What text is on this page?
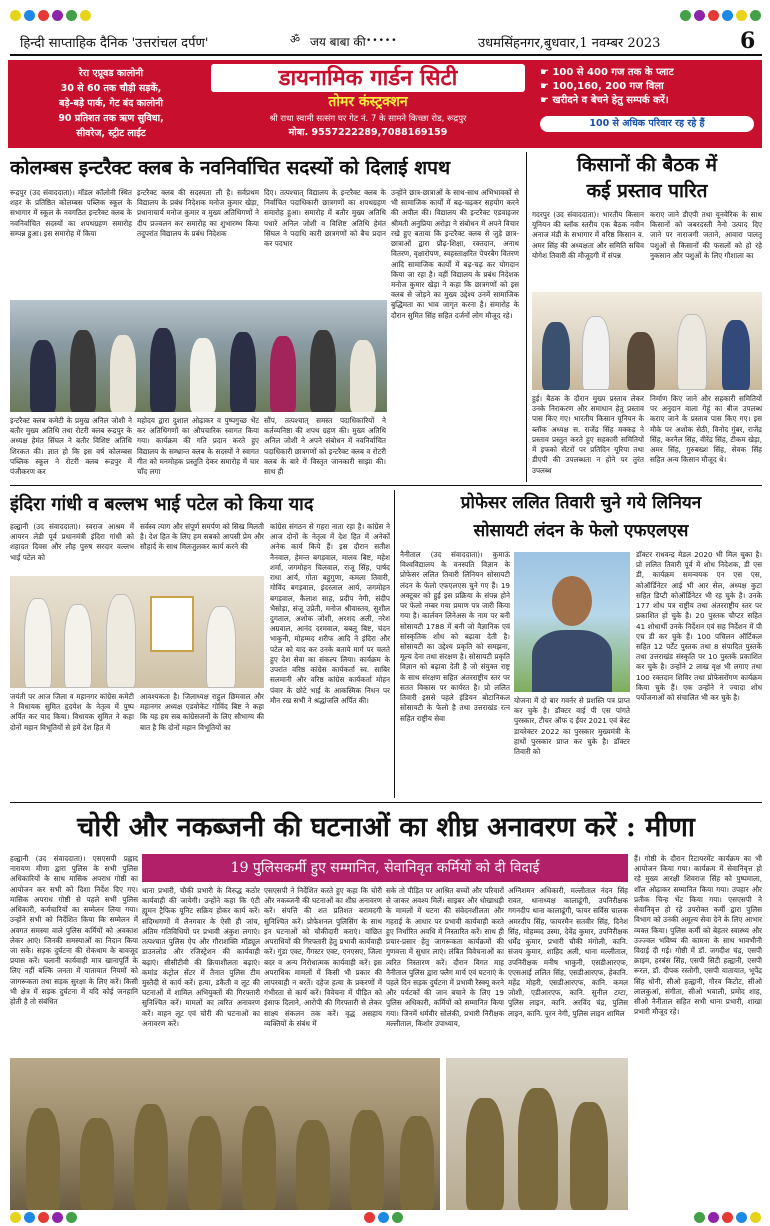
हिन्दी साप्ताहिक दैनिक 'उत्तरांचल दर्पण'	ॐ जय बाबा की •••••	उधमसिंहनगर,बुधवार,1 नवम्बर 2023	6
रेरा एप्रूवड कालोनी
30 से 60 तक चौड़ी सड़कें,
बड़े-बड़े पार्क, गेट बंद कालोनी
90 प्रतिशत तक ऋण सुविधा,
सीवरेज, स्ट्रीट लाईट
डायनामिक गार्डन सिटी
तोमर कंस्ट्रक्शन
श्री राधा स्वामी सत्संग घर गेट नं. 7 के सामने किच्छा रोड, रूद्रपुर
मोबा. 9557222289,7088169159
☛ 100 से 400 गज तक के प्लाट
☛ 100,160, 200 गज विला
☛ खरीदने व बेचने हेतु सम्पर्क करें।
100 से अधिक परिवार रह रहे हैं
कोलम्बस इन्टरैक्ट क्लब के नवनिर्वाचित सदस्यों को दिलाई शपथ
रूद्रपुर (उद संवाददाता)। मॉडल कॉलोनी स्थित शहर के प्रतिष्ठित कोलम्बस पब्लिक स्कूल के सभागार में स्कूल के नवगठित इन्टरैक्ट क्लब के नवनिर्वाचित सदस्यों का शपथग्रहण समारोह सम्पन्न हुआ। इस समारोह में किया
इन्टरैक्ट क्लब की सदस्यता ली है। सर्वप्रथम विद्यालय के प्रबंध निदेशक मनोज कुमार खेड़ा, प्रधानाचार्य मनोज कुमार व मुख्य अतिथिगणों ने दीप प्रज्वलन कर समारोह का शुभारम्भ किया तदुपरांत विद्यालय के प्रबंध निदेशक
दिए। तत्पश्चात् विद्यालय के इन्टरैक्ट क्लब के निर्वाचित पदाधिकारी छात्रगणों का शपथग्रहण समारोह हुआ। समारोह में बतौर मुख्य अतिथि पधारे अनिल जोशी व विशिष्ट अतिथि हेमंत सिंघल ने पदाधि कारी छात्रगणों को बैच प्रदान कर पदभार
उन्होंने छात्र-छात्राओं के साथ-साथ अभिभावकों से भी सामाजिक कार्यों में बढ़-चढ़कर सहयोग करने की अपील की। विद्यालय की इन्टरैक्ट एडवाइजर श्रीमती अनुप्रिया अरोड़ा ने संबोधन में अपने विचार रखे हुए बताया कि इन्टरैक्ट क्लब से जुड़े छात्र-छात्राओं द्वारा प्रौढ़-शिक्षा, रक्तदान, अनाथ वितरण, वृक्षारोपण, स्वहस्ताक्षरित पेपरबैग वितरण आदि सामाजिक कार्यों में बढ़-चढ़ कर योगदान किया जा रहा है। वहीं विद्यालय के प्रबंध निदेशक मनोज कुमार खेड़ा ने कहा कि छात्रगणों को इस क्लब से जोड़ने का मुख्य उद्देश्य उनमें सामाजिक बुद्धिमता का भाव जागृत करना है। समारोह के दौरान सुमित सिंह सहित दर्जनों लोग मौजूद रहे।
इन्टरैक्ट क्लब कमेटी के प्रमुख अनिल जोशी ने बतौर मुख्य अतिथि तथा रोटरी क्लब रूद्रपुर के अध्यक्ष हेमंत सिंघल ने बतौर विशिष्ट अतिथि शिरकत की। ज्ञात हो कि इस वर्ष कोलम्बस पब्लिक स्कूल ने रोटरी क्लब रूद्रपुर में पंजीकरण कर
महोदय द्वारा दुशाल ओढ़ाकर व पुष्पगुच्छ भेंट कर अतिथिगणों का औपचारिक स्वागत किया गया। कार्यक्रम की गति प्रदान करते हुए विद्यालय के सम्भ्रान्त क्लब के सदस्यों ने स्वागत गीत को मनमोहक प्रस्तुति देकर समारोह में चार चाँद लगा
सौंप, तत्पश्चात् समस्त पदाधिकारियों ने कर्तव्यनिष्ठा की शपथ ग्रहण की। मुख्य अतिथि अनिल जोशी ने अपने संबोधन में नवनिर्वाचित पदाधिकारी छात्रगणों को इन्टरैक्ट क्लब व रोटरी क्लब के बारे में विस्तृत जानकारी साझा की। साथ ही
किसानों की बैठक में
कई प्रस्ताव पारित
गदरपुर (उद संवाददाता)। भारतीय किसान यूनियन की ब्लॉक स्तरीय एक बैठक नवीन अनाज मंडी के सभागार में वरिष्ठ किसान व. अमर सिंह की अध्यक्षता और समिति सचिव योगेश तिवारी की मौजूदगी में संपन्न
कराए जाने डीएपी तथा यूनवेरिक के साथ किसानों को जबरदस्ती नैनो उत्पाद दिए जाने पर नाराजगी जताने, आवारा पालतू पशुओं से किसानों की फसलों को हो रहे नुकसान और पशुओं के लिए गौशाला का
हुई। बैठक के दौरान मुख्य प्रस्ताव लेकर उनके निराकरण और समाधान हेतु प्रस्ताव पास किए गए। भारतीय किसान यूनियन के ब्लॉक अध्यक्ष स. राजेंद्र सिंह मक्कड़ ने प्रस्ताव प्रस्तुत करते हुए सहकारी समितियों में इफको सेंटरों पर प्रतिदिन यूरिया तथा डीएपी की उपलब्धता न होने पर तुरंत उपलब्ध
निर्माण किए जाने और सहकारी समितियों पर अनुदान वाला गेहूं का बीज उपलब्ध कराए जाने के प्रस्ताव पास किए गए। इस मौके पर अशोक सेठी, विनोद गुंबर, राजेंद्र सिंह, करनैल सिंह, वीरेंद्र सिंह, टीकम खेड़ा, अमर सिंह, गुरुबख्श सिंह, सेवक सिंह सहित अन्य किसान मौजूद थे।
इंदिरा गांधी व बल्लभ भाई पटेल को किया याद
हल्द्वानी (उद संवाददाता)। स्वराज आश्रम में आयरन लेडी पूर्व प्रधानमंत्री इंदिरा गांधी को शहादत दिवस और लौह पुरुष सरदार वल्लभ भाई पटेल को
सर्वस्व त्याग और संपूर्ण समर्पण को सिख मिलती है। देश हित के लिए हम सबको आपसी प्रेम और सौहार्द के साथ मिलजुलकर कार्य करने की
कांग्रेस संगठन से गहरा नाता रहा है। कांग्रेस ने आज दोनों के नेतृत्व में देश हित में अनेकों अनेक कार्य किये हैं। इस दौरान सतीश नैनवाल, हेमन्त बगड़वाल, मालव बिष्ट, महेश शर्मा, जगमोहन चिलवाल, राजू सिंह, पार्षद राधा आर्य, गोता बहुगुणा, कमला तिवारी, गोविंद बगड़वाल, इंदरलाल आर्य, जगमोहन बगड़वाल, कैलाश साह, प्रदीप नेगी, संदीप भैसोड़ा, संजू उप्रेती, मनोज श्रीवास्तव, सुशील दुगताल, अशोक जोशी, अरशद अली, नरेश अग्रवाल, आनंद दरमवाल, बबलू बिष्ट, चंदन भाकुनी, मोहम्मद शरीफ आदि ने इंदिरा और पटेल को याद कर उनके बताये मार्ग पर चलते हुए देश सेवा का संकल्प लिया। कार्यक्रम के उपरांत वरिष्ठ कांग्रेस कार्यकर्ता स्व. साबिर सलमानी और वरिष्ठ कांग्रेस कार्यकर्ता मोहन पंवार के छोटे भाई के आकस्मिक निधन पर मौन रख सभी ने श्रद्धांजलि अर्पित की।
जयंती पर आज जिला व महानगर कांग्रेस कमेटी ने विधायक सुमित हृदयेश के नेतृत्व में पुष्प अर्पित कर याद किया। विधायक सुमित ने कहा दोनों महान विभूतियों से हमें देश हित में
आवश्यकता है। जिलाध्यक्ष राहुल छिमवाल और महानगर अध्यक्ष एडवोकेट गोविंद बिष्ट ने कहा कि यह हम सब कांग्रेसजनों के लिए सौभाग्य की बात है कि दोनों महान विभूतियों का
प्रोफेसर ललित तिवारी चुने गये लिनियन
सोसायटी लंदन के फेलो एफएलएस
नैनीताल (उद संवाददाता)। कुमाऊं विश्वविद्यालय के वनस्पति विज्ञान के प्रोफेसर ललित तिवारी लिनियन सोसायटी लंदन के फेलो एफएलएस चुने गए हैं। 19 अक्टूबर को हुई इस प्रक्रिया के संपन्न होने पर फेलो नम्बर गया प्रमाण पत्र जारी किया गया है। कार्लवन लिनेअस के नाम पर बनी सोसायटी 1788 में बनी जो वैज्ञानिक एवं सांस्कृतिक शोध को बढ़ावा देती है। सोसायटी का उद्देश्य प्रकृति को समझना, मूल्य देना तथा संरक्षण है। सोसायटी प्रकृति विज्ञान को बढ़ावा देती है जो संयुक्त राष्ट्र के साथ संरक्षण सहित अंतरराष्ट्रीय स्तर पर सतत विकास पर कार्यरत है। प्रो ललित तिवारी इससे पहले इंडियन बोटानिकल सोसायटी के फेलो है तथा उत्तराखंड रत्न सहित राष्ट्रीय सेवा
योजना में दो बार गवर्नर से प्रशस्ति पत्र प्राप्त कर चुके है। डॉक्टर वाई पी एस पांगते पुरस्कार, टीचर ऑफ द ईयर 2021 एवं बेस्ट डायरेक्टर 2022 का पुरस्कार मुख्यमंत्री के हाथों पुरस्कार प्राप्त कर चुके है। डॉक्टर तिवारी को
डॉक्टर राधवन्द्र मेडल 2020 भी मिल चुका है। प्रो ललित तिवारी पूर्व में शोध निदेशक, डी एस डी, कार्यक्रम समन्वयक एन एस एस, कोऑर्डिनेटर आई भी आर सेल, अध्यक्ष कुटा सहित डिप्टी कोऑर्डिनेटर भी रह चुके है। उनके 177 शोध पत्र राष्ट्रीय तथा अंतरराष्ट्रीय स्तर पर प्रकाशित हो चुके है। 20 पुस्तक चौप्टर सहित 41 शोधार्थी उनके निर्देशन एवं सह निर्देशन में पी एच डी कर चुके हैं। 100 पचिलन ऑर्टिकल सहित 12 पर्टेंट पुस्तक तथा 8 संपादित पुस्तकें तथा उत्तराखंड संस्कृति पर 10 पुस्तकें प्रकाशित कर चुके है। उन्होंने 2 लाख वृक्ष भी लगाए तथा 100 रक्तदान शिविर तथा प्रोफेसरोंगण कार्यक्रम किया चुके हैं। एक उन्होंने ने ज्यादा शोध पर्योजनाओं को संचालित भी कर चुके है।
चोरी और नकब्जनी की घटनाओं का शीघ्र अनावरण करें : मीणा
हल्द्वानी (उद संवाददाता)। एसएसपी प्रह्लाद नारायण मीणा द्वारा पुलिस के सभी पुलिस अधिकारियों के साथ मासिक अपराध गोष्ठी का आयोजन कर सभी को दिशा निर्देश दिए गए। मासिक अपराध गोष्ठी से पहले सभी पुलिस अधिकारी, कर्मचारियों का सम्मेलन लिया गया। उन्होंने सभी को निर्देशित किया कि सम्मेलन में अवगत समस्या वाले पुलिस कर्मियों को अवकाश लेकर आएं। जिनकी समस्याओं का निदान किया जा सके। सड़क दुर्घटना की रोकथाम के बावजूद प्रयास करें। चलानी कार्यवाही मात्र खानापूर्ति के लिए नहीं बल्कि जनता में यातायात नियमों को जागरूकता तथा सड़क सुरक्षा के लिए करें। किसी भी क्षेत्र में सड़क दुर्घटना में यदि कोई जनहानि होती है तो संबंधित
19 पुलिसकर्मी हुए सम्मानित, सेवानिवृत कर्मियों को दी विदाई
थाना प्रभारी, चौकी प्रभारी के विरुद्ध कठोर कार्यवाही की जायेगी। उन्होंने कहा कि एंटी ह्यूमन ट्रैफिक यूनिट सक्रिय होकर कार्य करें। संदिग्धगणों में लैनगवार के ऐसी ही जांच, अंतिम गतिविधियों पर प्रभावी अंकुश लगाएं। तत्पश्चात पुलिस ऐप और गौराशक्ति मॉड्यूल डाउनलोड और रजिस्ट्रेशन की कार्यवाही बढ़ाएं। सीसीटीवी की क्रियाशीलता बढ़ाएं। कमांड कंट्रोल सेंटर में तैनात पुलिस टीम मुस्तैदी से कार्य करें। हत्या, डकैती व लूट की घटनाओं में शामिल अभियुक्तों की गिरफ्तारी सुनिश्चित करें। मामलों का त्वरित अनावरण करें। वाहन लूट एवं चोरी की घटनाओं का अनावरण करें।
एसएसपी ने निर्देशित करते हुए कहा कि चोरी और नकब्जनी की घटनाओं का शीघ्र अनावरण करें। संपत्ति की शत प्रतिशत बरामदगी सुनिश्चित करें। प्रोफेशनल पुलिसिंग के साथ इन घटनाओं को चौकीदारी कराएं। वांछित अपराधियों की गिरफ्तारी हेतु प्रभावी कार्यवाही करें। गुंडा एक्ट, गैंगस्टर एक्ट, एनएसए, जिला बदर व अन्य निरोधात्मक कार्यवाही करें। इस अपराधिक मामलों में किसी भी प्रकार की लापरवाही न बरतें। दहेज हत्या के प्रकरणों में गंभीरता से कार्य करें। विवेचना में पीड़ित को इंसाफ दिलाने, आरोपी की गिरफ्तारी से लेकर साक्ष्य संकलन तक करें। वृद्ध असहाय व्यक्तियों के संबंध में
सके तो पीड़ित पर आश्रित बच्चों और परिवारों से जाकर अवश्य मिलें। साइबर और धोखाधड़ी के मामलों में घटना की संवेदनशीलता और गहराई के आधार पर प्रभावी कार्यवाही करते हुए निर्धारित अवधि में निस्तारित करें। साथ ही प्रचार-प्रसार हेतु जागरूकता कार्यक्रमों की गुणवत्ता में सुधार लाएं। लंबित विवेचनाओं का त्वरित निस्तारण करें। दौरान विगत माह नैनीताल पुलिस द्वारा फ्लैग मार्च एवं घटनाएं के पहले दिन सड़क दुर्घटना में प्रभावी रैस्क्यू करने और पर्यटकों की जान बचाने के लिए 19 पुलिस अधिकारी, कर्मियों को सम्मानित किया गया। जिनमें धर्मवीर सोलंकी, प्रभारी निरीक्षक मल्लीताल, किशोर उपाध्याय,
अग्निशमन अधिकारी, मल्लीताल नंदन सिंह रावत, थानाध्यक्ष कालाढूंगी, उपनिरीक्षक गगनदीप थाना कालाढूंगी, फायर सर्विस चालक अमरदीप सिंह, फायरमैन सतवीर सिंह, दिनेश सिंह, मोहम्मद उस्मा, देवेंद्र कुमार, उपनिरीक्षक धर्मेंद्र कुमार, प्रभारी चौकी मंगोली, कानि. संजय कुमार, शाहिद अली, थाना मल्लीताल, उपनिरीक्षक मनीष भाकुनी, एसडीआरएफ, एएसआई ललित सिंह, एसडीआरएफ, हेकानि. महेंद्र मोहरी, एसडीआरएफ, कानि. कमल जोशी, एडीआरएफ, कानि. सुनील टम्टा, पुलिस लाइन, कानि. अरविंद चंद्र, पुलिस लाइन, कानि. पूरन नेगी, पुलिस लाइन शामिल
हैं। गोष्ठी के दौरान रिटायरमेंट कार्यक्रम का भी आयोजन किया गया। कार्यक्रम में सेवानिवृत्त हो रहे मुख्य आरक्षी शिवराज सिंह को पुष्पमाला, शॉल ओढ़ाकर सम्मानित किया गया। उपहार और प्रतीक चिन्ह भेंट किया गया। एसएसपी ने सेवानिवृत्त हो रहे उपरोक्त कर्मी द्वारा पुलिस विभाग को उनकी अमूल्य सेवा देने के लिए आभार व्यक्त किया। पुलिस कर्मी को बेहतर स्वास्थ्य और उज्ज्वल भविष्य की कामना के साथ भावभीनी विदाई दी गई। गोष्ठी में डॉ. जगदीश चंद्र, एसपी क्राइम, हरबंस सिंह, एसपी सिटी हल्द्वानी, एसपी रूरल, डॉ. दीपक रस्तोगी, एसपी यातायात, भूपेंद्र सिंह धोनी, सीओ हल्द्वानी, गौरव किटोट, सीओ लालकुआं, संगीता, सीओ भवाली, प्रमोद शाह, सीओ नैनीताल सहित सभी थाना प्रभारी, शाखा प्रभारी मौजूद रहे।
